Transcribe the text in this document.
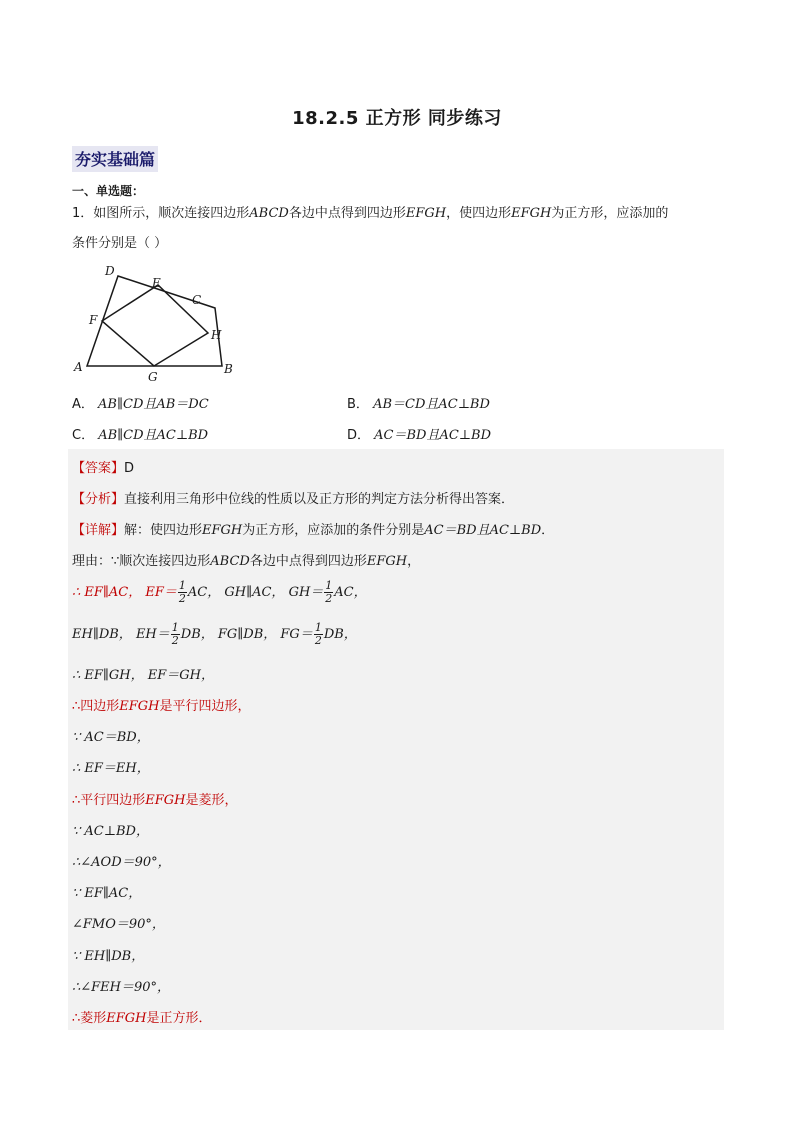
18.2.5 正方形 同步练习
夯实基础篇
一、单选题：
1．如图所示，顺次连接四边形ABCD各边中点得到四边形EFGH，使四边形EFGH为正方形，应添加的
条件分别是（ ）
A	B
C
D
E
F
G
H
A． AB∥CD且AB＝DC	B． AB＝CD且AC⊥BD
C． AB∥CD且AC⊥BD	D． AC＝BD且AC⊥BD
【答案】D
【分析】直接利用三角形中位线的性质以及正方形的判定方法分析得出答案．
【详解】解：使四边形EFGH为正方形，应添加的条件分别是AC＝BD且AC⊥BD．
理由：∵顺次连接四边形ABCD各边中点得到四边形EFGH，
∴ EF∥AC， $EF= \frac{1}{2}$ AC， GH∥AC， $GH= \frac{1}{2}$ AC，
EH∥DB， $EH= \frac{1}{2}$ DB， FG∥DB， $FG= \frac{1}{2}$ DB，
∴ EF∥GH， EF＝GH，
∴四边形EFGH是平行四边形，
∵ AC＝BD，
∴ EF＝EH，
∴平行四边形EFGH是菱形，
∵ AC⊥BD，
∴∠AOD＝90°，
∵ EF∥AC，
∠FMO＝90°，
∵ EH∥DB，
∴∠FEH＝90°，
∴菱形EFGH是正方形．
